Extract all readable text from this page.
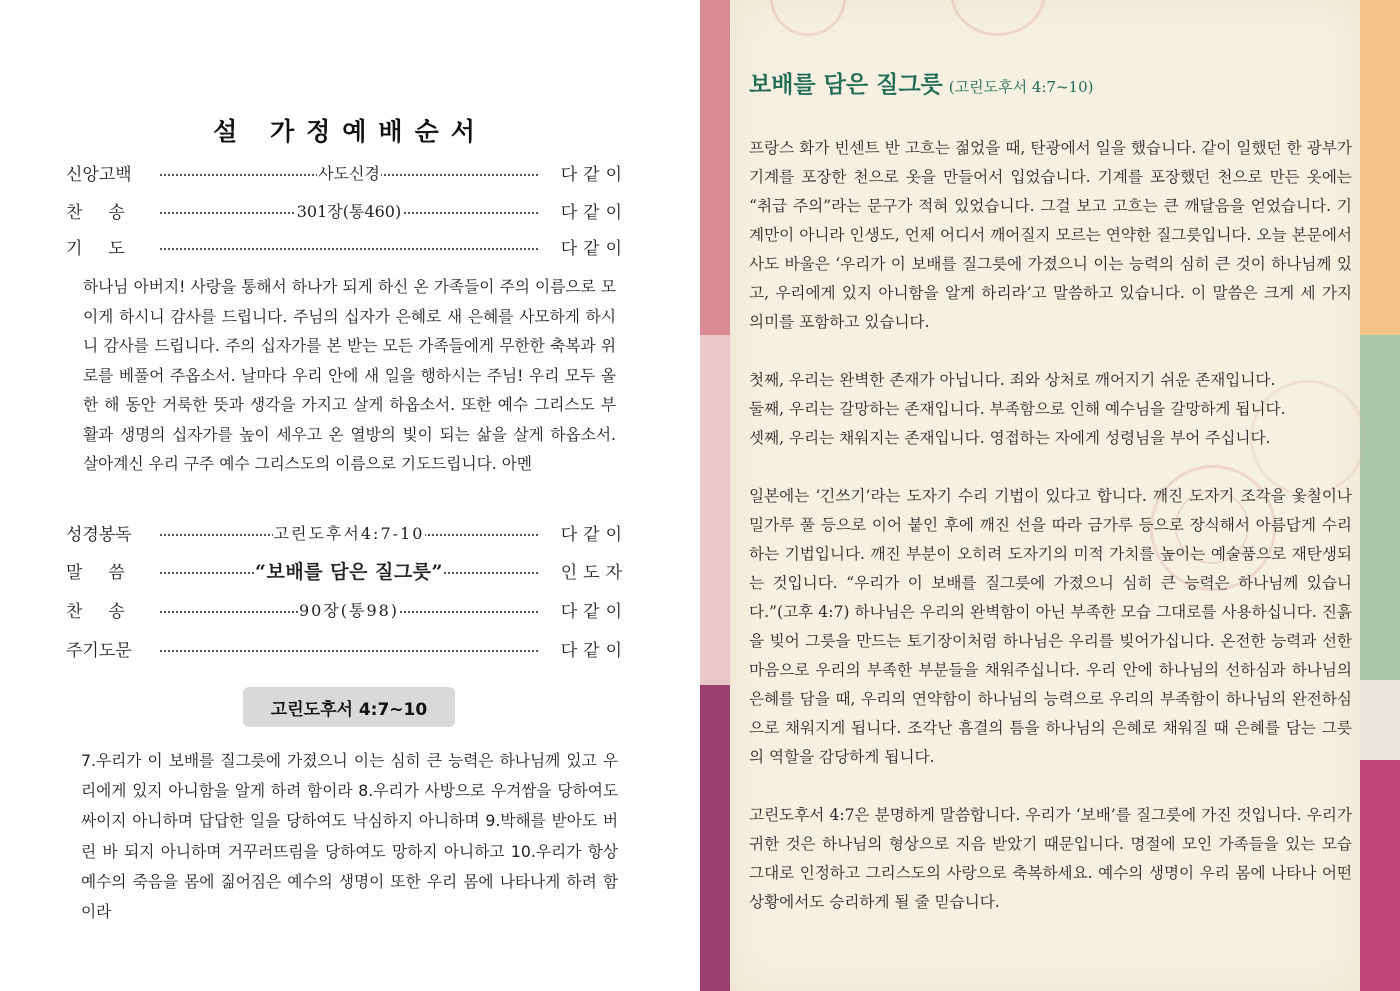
설 가정예배순서
신앙고백	사도신경	다같이
찬송	301장(통460)	다같이
기도	다같이
하나님 아버지! 사랑을 통해서 하나가 되게 하신 온 가족들이 주의 이름으로 모이게 하시니 감사를 드립니다. 주님의 십자가 은혜로 새 은혜를 사모하게 하시니 감사를 드립니다. 주의 십자가를 본 받는 모든 가족들에게 무한한 축복과 위로를 베풀어 주옵소서. 날마다 우리 안에 새 일을 행하시는 주님! 우리 모두 올 한 해 동안 거룩한 뜻과 생각을 가지고 살게 하옵소서. 또한 예수 그리스도 부활과 생명의 십자가를 높이 세우고 온 열방의 빛이 되는 삶을 살게 하옵소서. 살아계신 우리 구주 예수 그리스도의 이름으로 기도드립니다. 아멘
성경봉독	고린도후서4:7-10	다같이
말씀	“보배를 담은 질그릇”	인도자
찬송	90장(통98)	다같이
주기도문	다같이
고린도후서 4:7~10
7.우리가 이 보배를 질그릇에 가졌으니 이는 심히 큰 능력은 하나님께 있고 우리에게 있지 아니함을 알게 하려 함이라 8.우리가 사방으로 우겨쌈을 당하여도 싸이지 아니하며 답답한 일을 당하여도 낙심하지 아니하며 9.박해를 받아도 버린 바 되지 아니하며 거꾸러뜨림을 당하여도 망하지 아니하고 10.우리가 항상 예수의 죽음을 몸에 짊어짐은 예수의 생명이 또한 우리 몸에 나타나게 하려 함이라
보배를 담은 질그릇 (고린도후서 4:7~10)

프랑스 화가 빈센트 반 고흐는 젊었을 때, 탄광에서 일을 했습니다. 같이 일했던 한 광부가 기계를 포장한 천으로 옷을 만들어서 입었습니다. 기계를 포장했던 천으로 만든 옷에는 “취급 주의”라는 문구가 적혀 있었습니다. 그걸 보고 고흐는 큰 깨달음을 얻었습니다. 기계만이 아니라 인생도, 언제 어디서 깨어질지 모르는 연약한 질그릇입니다. 오늘 본문에서 사도 바울은 ‘우리가 이 보배를 질그릇에 가졌으니 이는 능력의 심히 큰 것이 하나님께 있고, 우리에게 있지 아니함을 알게 하리라’고 말씀하고 있습니다. 이 말씀은 크게 세 가지 의미를 포함하고 있습니다.

첫째, 우리는 완벽한 존재가 아닙니다. 죄와 상처로 깨어지기 쉬운 존재입니다.

둘째, 우리는 갈망하는 존재입니다. 부족함으로 인해 예수님을 갈망하게 됩니다.

셋째, 우리는 채워지는 존재입니다. 영접하는 자에게 성령님을 부어 주십니다.

일본에는 ‘긴쓰기’라는 도자기 수리 기법이 있다고 합니다. 깨진 도자기 조각을 옻칠이나 밀가루 풀 등으로 이어 붙인 후에 깨진 선을 따라 금가루 등으로 장식해서 아름답게 수리하는 기법입니다. 깨진 부분이 오히려 도자기의 미적 가치를 높이는 예술품으로 재탄생되는 것입니다. “우리가 이 보배를 질그릇에 가졌으니 심히 큰 능력은 하나님께 있습니다.”(고후 4:7) 하나님은 우리의 완벽함이 아닌 부족한 모습 그대로를 사용하십니다. 진흙을 빚어 그릇을 만드는 토기장이처럼 하나님은 우리를 빚어가십니다. 온전한 능력과 선한 마음으로 우리의 부족한 부분들을 채워주십니다. 우리 안에 하나님의 선하심과 하나님의 은혜를 담을 때, 우리의 연약함이 하나님의 능력으로 우리의 부족함이 하나님의 완전하심으로 채워지게 됩니다. 조각난 흠결의 틈을 하나님의 은혜로 채워질 때 은혜를 담는 그릇의 역할을 감당하게 됩니다.

고린도후서 4:7은 분명하게 말씀합니다. 우리가 ‘보배’를 질그릇에 가진 것입니다. 우리가 귀한 것은 하나님의 형상으로 지음 받았기 때문입니다. 명절에 모인 가족들을 있는 모습 그대로 인정하고 그리스도의 사랑으로 축복하세요. 예수의 생명이 우리 몸에 나타나 어떤 상황에서도 승리하게 될 줄 믿습니다.
